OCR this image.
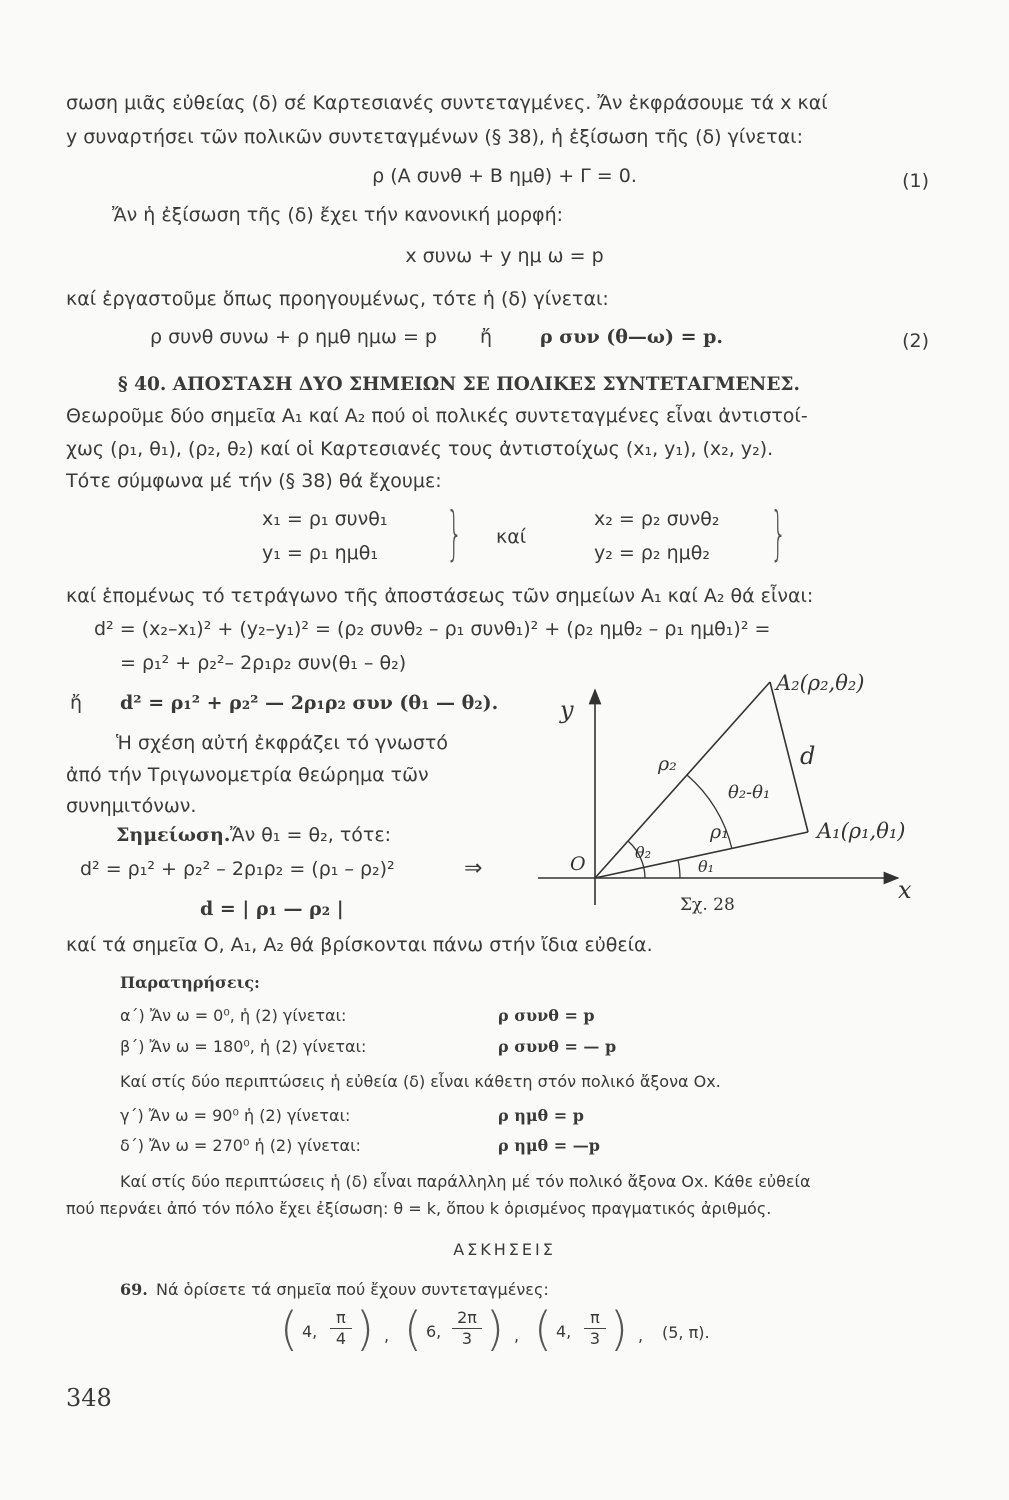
σωση μιᾶς εὐθείας (δ) σέ Καρτεσιανές συντεταγμένες. Ἄν ἐκφράσουμε τά x καί
y συναρτήσει τῶν πολικῶν συντεταγμένων (§ 38), ἡ ἐξίσωση τῆς (δ) γίνεται:
ρ (Α συνθ + Β ημθ) + Γ = 0.	(1)
Ἄν ἡ ἐξίσωση τῆς (δ) ἔχει τήν κανονική μορφή:
x συνω + y ημ ω = p
καί ἐργαστοῦμε ὅπως προηγουμένως, τότε ἡ (δ) γίνεται:
ρ συνθ συνω + ρ ημθ ημω = p ἤ	ρ συν (θ—ω) = p.	(2)
§ 40. ΑΠΟΣΤΑΣΗ ΔΥΟ ΣΗΜΕΙΩΝ ΣΕ ΠΟΛΙΚΕΣ ΣΥΝΤΕΤΑΓΜΕΝΕΣ.
Θεωροῦμε δύο σημεῖα A₁ καί A₂ πού οἱ πολικές συντεταγμένες εἶναι ἀντιστοί-
χως (ρ₁, θ₁), (ρ₂, θ₂) καί οἱ Καρτεσιανές τους ἀντιστοίχως (x₁, y₁), (x₂, y₂).
Τότε σύμφωνα μέ τήν (§ 38) θά ἔχουμε:
x₁ = ρ₁ συνθ₁
y₁ = ρ₁ ημθ₁ } καί
x₂ = ρ₂ συνθ₂
y₂ = ρ₂ ημθ₂ }
καί ἑπομένως τό τετράγωνο τῆς ἀποστάσεως τῶν σημείων A₁ καί A₂ θά εἶναι:
d² = (x₂–x₁)² + (y₂–y₁)² = (ρ₂ συνθ₂ – ρ₁ συνθ₁)² + (ρ₂ ημθ₂ – ρ₁ ημθ₁)² =
= ρ₁² + ρ₂²– 2ρ₁ρ₂ συν(θ₁ – θ₂)
ἤ d² = ρ₁² + ρ₂² — 2ρ₁ρ₂ συν (θ₁ — θ₂).
Ἡ σχέση αὐτή ἐκφράζει τό γνωστό
ἀπό τήν Τριγωνομετρία θεώρημα τῶν
συνημιτόνων.
Σημείωση. Ἄν θ₁ = θ₂, τότε:
d² = ρ₁² + ρ₂² – 2ρ₁ρ₂ = (ρ₁ – ρ₂)²	⇒
d = | ρ₁ — ρ₂ |
καί τά σημεῖα Ο, A₁, A₂ θά βρίσκονται πάνω στήν ἴδια εὐθεία.
y
x
O
A₂(ρ₂,θ₂)
A₁(ρ₁,θ₁)
d
ρ₂
ρ₁
θ₂-θ₁
θ₂
θ₁
Σχ. 28
Παρατηρήσεις:
α΄) Ἄν ω = 0⁰, ἡ (2) γίνεται:	ρ συνθ = p
β΄) Ἄν ω = 180⁰, ἡ (2) γίνεται:	ρ συνθ = — p
Καί στίς δύο περιπτώσεις ἡ εὐθεία (δ) εἶναι κάθετη στόν πολικό ἄξονα Ox.
γ΄) Ἄν ω = 90⁰ ἡ (2) γίνεται:	ρ ημθ = p
δ΄) Ἄν ω = 270⁰ ἡ (2) γίνεται:	ρ ημθ = —p
Καί στίς δύο περιπτώσεις ἡ (δ) εἶναι παράλληλη μέ τόν πολικό ἄξονα Ox. Κάθε εὐθεία
πού περνάει ἀπό τόν πόλο ἔχει ἐξίσωση: θ = k, ὅπου k ὁρισμένος πραγματικός ἀριθμός.
ΑΣΚΗΣΕΙΣ
69. Νά ὁρίσετε τά σημεῖα πού ἔχουν συντεταγμένες:
( 4, $\frac{\pi}{4}$ ) , ( 6, $\frac{2\pi}{3}$ ) , ( 4, $\frac{\pi}{3}$ ) , (5, π).
348
